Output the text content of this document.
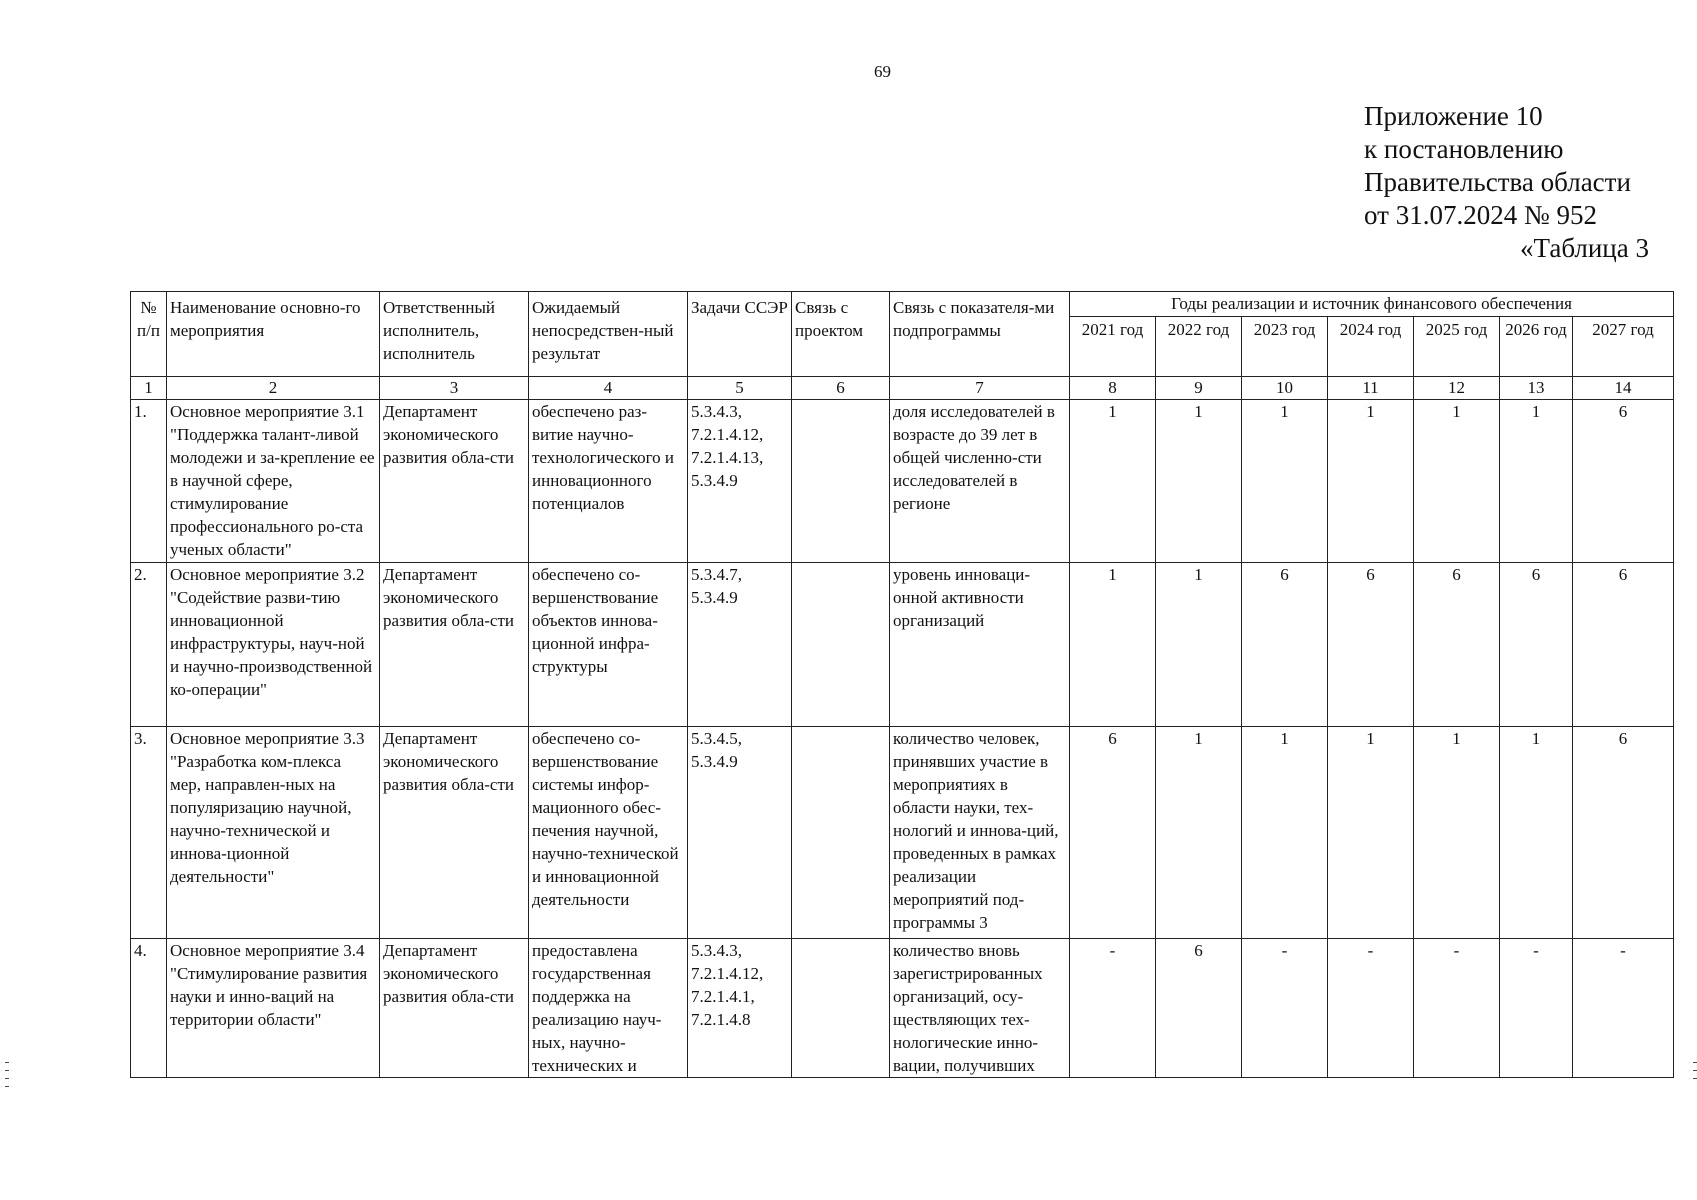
69
Приложение 10
к постановлению
Правительства области
от 31.07.2024 № 952
«Таблица 3
№ п/п	Наименование основно-го мероприятия	Ответственный исполнитель, исполнитель	Ожидаемый непосредствен-ный результат	Задачи ССЭР	Связь с проектом	Связь с показателя-ми подпрограммы	Годы реализации и источник финансового обеспечения						
							2021 год	2022 год	2023 год	2024 год	2025 год	2026 год	2027 год
1	2	3	4	5	6	7	8	9	10	11	12	13	14
1.	Основное мероприятие 3.1 "Поддержка талант-ливой молодежи и за-крепление ее в научной сфере, стимулирование профессионального ро-ста ученых области"	Департамент экономического развития обла-сти	обеспечено раз-витие научно-технологического и инновационного потенциалов	5.3.4.3, 7.2.1.4.12, 7.2.1.4.13, 5.3.4.9		доля исследователей в возрасте до 39 лет в общей численно-сти исследователей в регионе	1	1	1	1	1	1	6
2.	Основное мероприятие 3.2 "Содействие разви-тию инновационной инфраструктуры, науч-ной и научно-производственной ко-операции"	Департамент экономического развития обла-сти	обеспечено со-вершенствование объектов иннова-ционной инфра-структуры	5.3.4.7, 5.3.4.9		уровень инноваци-онной активности организаций	1	1	6	6	6	6	6
3.	Основное мероприятие 3.3 "Разработка ком-плекса мер, направлен-ных на популяризацию научной, научно-технической и иннова-ционной деятельности"	Департамент экономического развития обла-сти	обеспечено со-вершенствование системы инфор-мационного обес-печения научной, научно-технической и инновационной деятельности	5.3.4.5, 5.3.4.9		количество человек, принявших участие в мероприятиях в области науки, тех-нологий и иннова-ций, проведенных в рамках реализации мероприятий под-программы 3	6	1	1	1	1	1	6
4.	Основное мероприятие 3.4 "Стимулирование развития науки и инно-ваций на территории области"	Департамент экономического развития обла-сти	предоставлена государственная поддержка на реализацию науч-ных, научно-технических и	5.3.4.3, 7.2.1.4.12, 7.2.1.4.1, 7.2.1.4.8		количество вновь зарегистрированных организаций, осу-ществляющих тех-нологические инно-вации, получивших	-	6	-	-	-	-	-
